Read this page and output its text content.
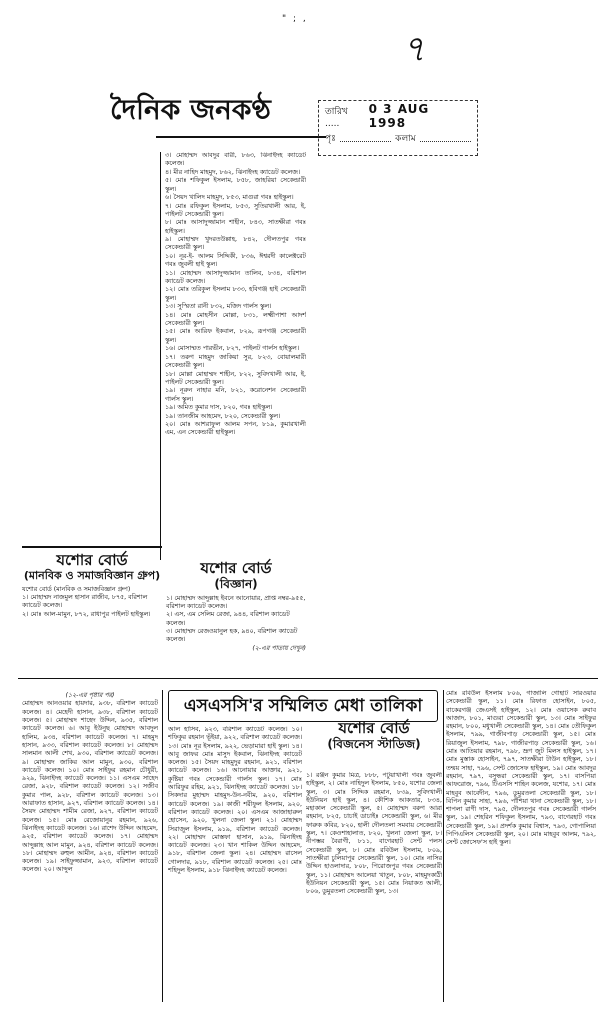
৭
" ; ,
দৈনিক জনকণ্ঠ	তারিখ .....
0 3 AUG 1998
পৃঃ	কলাম

৩। মোহাম্মদ আবদুর বারী, ৮৬৩, ঝিনাইদহ ক্যাডেট কলেজ।

৪। মীর নাহিদ মাহমুদ, ৮৬২, ঝিনাইদহ ক্যাডেট কলেজ।

৫। মোঃ শফিকুল ইসলাম, ৮৫৮, জাহরিয়া সেকেন্ডারী স্কুল।

৬। সৈয়দ খালিদ মাহমুদ, ৮৫৩, মাগুরা গবঃ হাইস্কুল।

৭। মোঃ রফিকুল ইসলাম, ৮৫৩, সুতিরখালী আর, ই, পাইলট সেকেন্ডারী স্কুল।

৮। মোঃ আসাদুজ্জামান শাহীন, ৮৪৩, সাতক্ষীরা গবঃ হাইস্কুল।

৯। মোহাম্মদ খুদরতউল্লাহ, ৮৪২, দৌলতপুর গবঃ সেকেন্ডারী স্কুল।

১০। নূর-ই- আলম সিদ্দিকী, ৮৩৬, ঈশ্বরদী কালেক্টরেট গবঃ জুবলী হাই স্কুল।

১১। মোহাম্মদ আসাদুজ্জামান তালিব, ৮৩৪, বরিশাল ক্যাডেট কলেজ।

১২। মোঃ তরিকুল ইসলাম ৮৩৩, হবিগঞ্জ হাই সেকেন্ডারী স্কুল।

১৩। সুস্মিতা রানী ৮৩২, মজিদ গার্লস স্কুল।

১৪। মোঃ মোহসীন মোল্লা, ৮৩১, লক্ষ্মীপাশা আদর্শ সেকেন্ডারী স্কুল।

১৫। মোঃ আরিফ ইকবাল, ৮২৯, রূপগঞ্জ সেকেন্ডারী স্কুল।

১৬। মোসাম্মত পারভীন, ৮২৭, পাইলট গার্লস হাইস্কুল।

১৭। তরুণ মাহমুদ জাকিয়া সুর, ৮২৩, বোয়ালমারী সেকেন্ডারী স্কুল।

১৮। মোল্লা মোহাম্মদ শাহীন, ৮২২, সুবিদখালী আর, ই, পাইলট সেকেন্ডারী স্কুল।

১৯। নূরুন নাহার মনি, ৮২১, করোনেশন সেকেন্ডারী গার্লস স্কুল।

১৯। অমিত কুমার দাস, ৮২০, গবঃ হাইস্কুল।

১৯। তানজীম আহমেদ, ৮২০, সেকেন্ডারী স্কুল।

২০। মোঃ আশরাফুল আলম সপন, ৮১৯, কুমারখালী এম, এন সেকেন্ডারী হাইস্কুল।

যশোর বোর্ড
(মানবিক ও সমাজবিজ্ঞান গ্রুপ)

যশোর বোর্ড (মানবিক ও সমাজবিজ্ঞান গ্রুপ)

১। মোহাম্মদ নাজমুল হাসান রাজীব, ৮৭৫, বরিশাল ক্যাডেট কলেজ।

২। মোঃ আল-মামুন, ৮৭২, রাধাপুর পাইলট হাইস্কুল।

যশোর বোর্ড
(বিজ্ঞান)

১। মোহাম্মদ আব্দুল্লাহ ইবনে আনোয়ার, প্রাপ্ত নম্বর-৯৫৫, বরিশাল ক্যাডেট কলেজ।

২। এস, এম সেলিম রেজা, ৯৪৪, বরিশাল ক্যাডেট কলেজ।

৩। মোহাম্মদ রেজওয়ানুল হক, ৯৪০, বরিশাল ক্যাডেট কলেজ।

(২-এর পাতায় দেখুন)

(১২-এর পৃষ্ঠার পর)

মোহাম্মদ আনওয়ার হায়দার, ৯৩৮, বরিশাল ক্যাডেট কলেজ। ৪। মেহেদী হাসান, ৯৩৮, বরিশাল ক্যাডেট কলেজ। ৫। মোহাম্মদ শাহেদ উদ্দিন, ৯৩৫, বরিশাল ক্যাডেট কলেজ। ৬। আবু ইউনুছ মোহাম্মদ আবদুল হালিম, ৯৩৪, বরিশাল ক্যাডেট কলেজ। ৭। মাহমুদ হাসান, ৯৩৩, বরিশাল ক্যাডেট কলেজ। ৮। মোহাম্মদ সালমান আলী শেখ, ৯৩০, বরিশাল ক্যাডেট কলেজ। ৯। মোহাম্মদ জাকির আল মামুন, ৯৩০, বরিশাল ক্যাডেট কলেজ। ১০। মোঃ সাইফুর রহমান চৌধুরী, ৯২৯, ঝিনাইদহ ক্যাডেট কলেজ। ১১। এসএম সাহেদ রেজা, ৯২৮, বরিশাল ক্যাডেট কলেজ। ১২। সজীব কুমার পাল, ৯২৮, বরিশাল ক্যাডেট কলেজ। ১৩। আরাফাত হাসান, ৯২৭, বরিশাল ক্যাডেট কলেজ। ১৪। সৈয়দ মোহাম্মদ শামীম রেজা, ৯২৭, বরিশাল ক্যাডেট কলেজ। ১৫। মোঃ রেজোয়ানুর রহমান, ৯২৬, ঝিনাইদহ ক্যাডেট কলেজ। ১৬। রাশেদ উদ্দিন আহমেদ, ৯২৫, বরিশাল ক্যাডেট কলেজ। ১৭। মোহাম্মদ আব্দুল্লাহ আল মামুন, ৯২৪, বরিশাল ক্যাডেট কলেজ। ১৮। মোহাম্মদ রুহুল আমীন, ৯২৪, বরিশাল ক্যাডেট কলেজ। ১৯। সাইফুজ্জামান, ৯২৩, বরিশাল ক্যাডেট কলেজ। ২০। আব্দুল

এসএসসি'র সম্মিলিত মেধা তালিকা

আল হাসিব, ৯২৩, বরিশাল ক্যাডেট কলেজ। ১০। শফিকুর রহমান ভূঁইয়া, ৯২২, বরিশাল ক্যাডেট কলেজ। ১৩। মোঃ নূর ইসলাম, ৯২২, ভেড়ামারা হাই স্কুল। ১৪। আবু জাফর মোঃ মাসুদ ইকবাল, ঝিনাইদহ ক্যাডেট কলেজ। ১৫। সৈয়দ মাহমুদুর রহমান, ৯২১, বরিশাল ক্যাডেট কলেজ। ১৬। আনোয়ার আক্তার, ৯২১, কুষ্টিয়া গবঃ সেকেন্ডারী গার্লস স্কুল। ১৭। মোঃ আরিফুর রহিম, ৯২১, ঝিনাইদহ ক্যাডেট কলেজ। ১৮। সিকদার মুহাম্মদ মাহমুদ-উন-নবীম, ৯২০, বরিশাল ক্যাডেট কলেজ। ১৯। কাজী শরীফুল ইসলাম, ৯২০, বরিশাল ক্যাডেট কলেজ। ২০। এসএম আজাহারুল হোসেন, ৯২০, খুলনা জেলা স্কুল। ২১। মোহাম্মদ সিরাজুল ইসলাম, ৯১৯, বরিশাল ক্যাডেট কলেজ। ২২। মোহাম্মদ মোস্তফা হাসান, ৯১৯, ঝিনাইদহ ক্যাডেট কলেজ। ২৩। খান শাকিল উদ্দিন আহমেদ, ৯১৮, বরিশাল জেলা স্কুল। ২৪। মোহাম্মদ রাসেল গোলদার, ৯১৮, বরিশাল ক্যাডেট কলেজ। ২৫। মোঃ শহিদুল ইসলাম, ৯১৮ ঝিনাইদহ ক্যাডেট কলেজ।

যশোর বোর্ড
(বিজনেস স্টাডিজ)

১। রঞ্জন কুমার মিত্র, ৮৮৮, পটুয়াখালী গবঃ জুবলী হাইস্কুল, ২। মোঃ নাহিদুল ইসলাম, ৮৫০, যশোর জেলা স্কুল, ৩। মোঃ সিদ্দিক রহমান, ৮৩৯, সুবিদখালী ইউনিয়ন হাই স্কুল, ৪। কৌশিক আকতার, ৮৩৪, মহাকাল সেকেন্ডারী স্কুল, ৫। মোহাম্মদ বরুণ আরা রহমান, ৮২৫, চাচাই ডাচাইঃ সেকেন্ডারী স্কুল, ৬। মীর ফারুক কবির, ৮২০, হালী দৌলতলা সমবায় সেকেন্ডারী স্কুল, ৭। কেওশাহালাত, ৮২০, খুলনা জেলা স্কুল, ৮। নীপম্ভর বৈরাগী, ৮১১, বাগেরহাট সেন্ট পলস সেকেন্ডারী স্কুল, ৮। মোঃ রবিউল ইসলাম, ৮০৯, সাতক্ষীরা চুলিয়াপুর সেকেন্ডারী স্কুল, ১০। মোঃ নাসির উদ্দিন হাওলাদার, ৮০৮, পিরোজপুর গবঃ সেকেন্ডারী স্কুল, ১১। মোহাম্মদ আলেয়া খাতুন, ৮০৮, মাহমুদকাঠী ইউনিয়ন সেকেন্ডারী স্কুল, ১৫। মোঃ নিয়াকত আলী, ৮০৬, ডুমুরতলা সেকেন্ডারী স্কুল, ১৩।

মোঃ রবিউল ইসলাম ৮০৬, গাজালি গোহাট সারওয়ার সেকেন্ডারী স্কুল, ১১। মোঃ রিফাত হোসাইন, ৮০৫, বাকেরগঞ্জ জেএসই হাইস্কুল, ১২। মোঃ ওয়াসেক রুবাব আজাদ, ৮০১, মাগুরা সেকেন্ডারী স্কুল, ১৩। মোঃ সাইফুর রহমান, ৮০০, মধুখালী সেকেন্ডারী স্কুল, ১৪। মোঃ তৌফিকুল ইসলাম, ৭৯৯, গাজীবপাড় সেকেন্ডারী স্কুল, ১৫। মোঃ রিয়াজুল ইসলাম, ৭৯৮, গাজীরপাড় সেকেন্ডারী স্কুল, ১৬। মোঃ আতিয়ার রহমান, ৭৯৮, ভ্রূণ জুট মিলস হাইস্কুল, ১৭। মোঃ মুস্তাক হোসাইন, ৭৯৭, সাতক্ষীরা টাউন হাইস্কুল, ১৮। তন্ময় সাহা, ৭৯৬, সেন্ট জোসেফ হাইস্কুল, ১৯। মোঃ আবদুর রহমান, ৭৯৭, বসুন্ধরা সেকেন্ডারী স্কুল, ১৭। বাসপিয়া আফরোজ, ৭৯৬, টিএসসি শাহিন কলেজ, যশোর, ১৭। মোঃ মাহবুব আবেদীন, ৭৯৬, ডুমুরতলা সেকেন্ডারী স্কুল, ১৮। বিপিন কুমার সাহা, ৭৯৬, পাঁশিয়া থানা সেকেন্ডারী স্কুল, ১৮। শাপলা রাণী দাস, ৭৯৫, দৌলতপুর গবঃ সেকেন্ডারী গার্লস স্কুল, ১৯। শেহরিন শফিকুল ইসলাম, ৭৯৩, বাগেরহাট গবঃ সেকেন্ডারী স্কুল, ১৯। প্রদর্শক কুমার বিশ্বাস, ৭৯৩, গোপালিয়া পিপিএলিস সেকেন্ডারী স্কুল, ২০। মোঃ মাহবুব আলম, ৭৯২, সেন্ট জোসেফ'স হাই স্কুল।
